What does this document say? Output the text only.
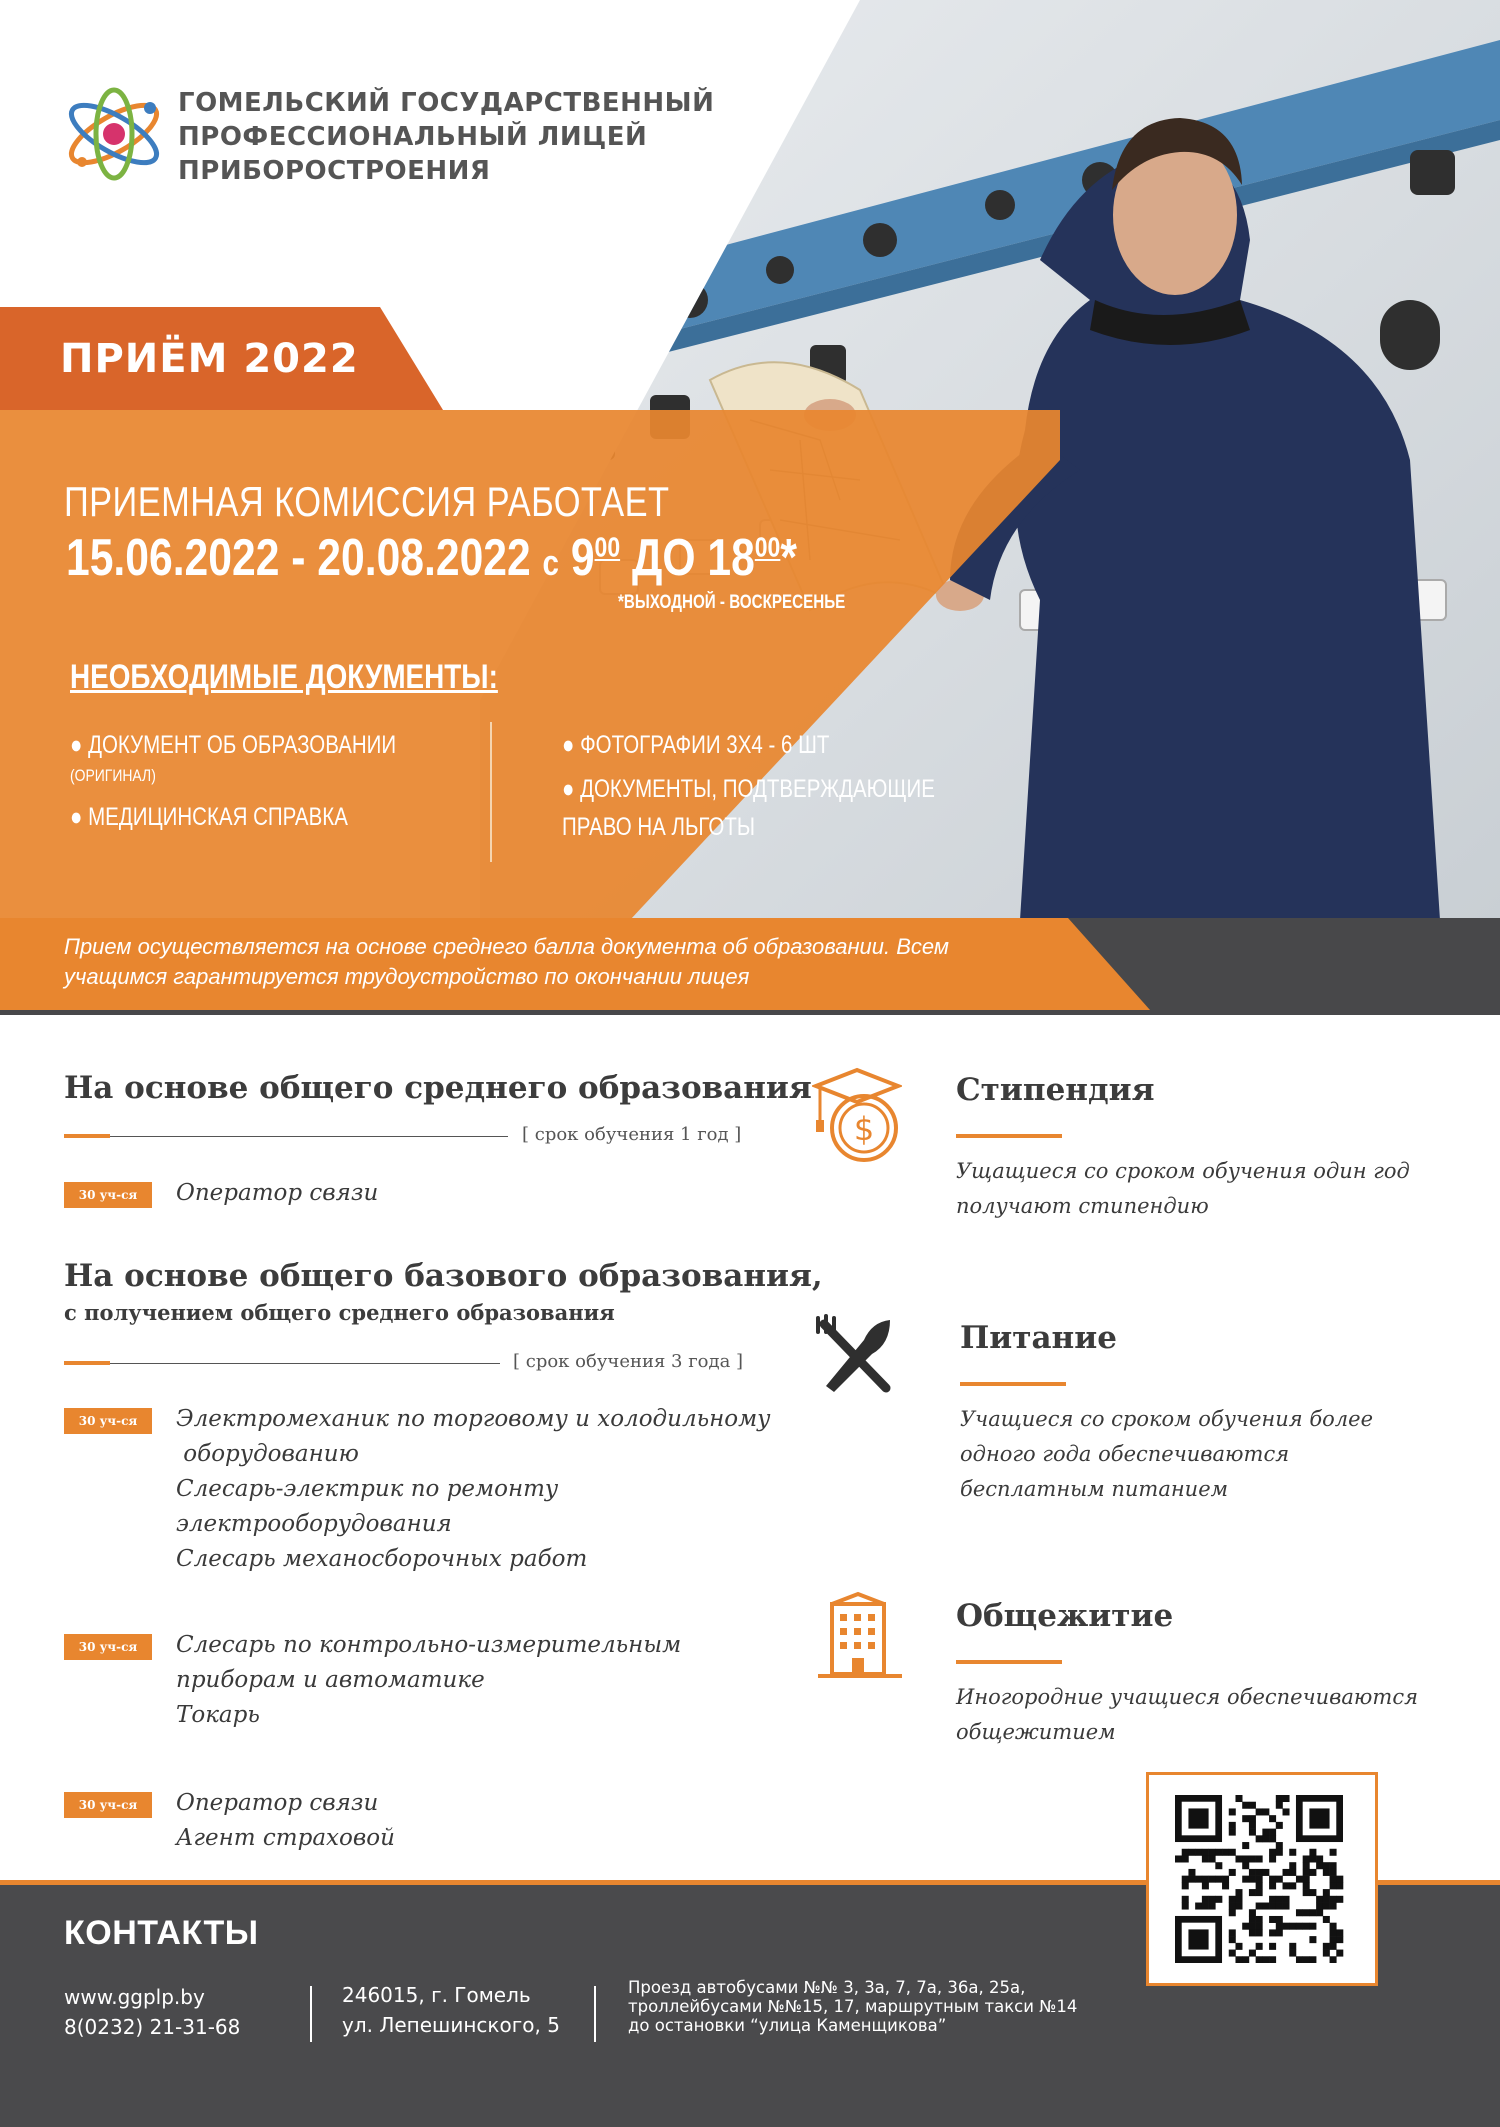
ГОМЕЛЬСКИЙ ГОСУДАРСТВЕННЫЙ
ПРОФЕССИОНАЛЬНЫЙ ЛИЦЕЙ
ПРИБОРОСТРОЕНИЯ
ПРИЁМ 2022
ПРИЕМНАЯ КОМИССИЯ РАБОТАЕТ
15.06.2022 - 20.08.2022 с $9^{00}$ ДО $18^{00}*$
*ВЫХОДНОЙ - ВОСКРЕСЕНЬЕ
НЕОБХОДИМЫЕ ДОКУМЕНТЫ:
● ДОКУМЕНТ ОБ ОБРАЗОВАНИИ
(ОРИГИНАЛ)
● МЕДИЦИНСКАЯ СПРАВКА
● ФОТОГРАФИИ 3Х4 - 6 ШТ
● ДОКУМЕНТЫ, ПОДТВЕРЖДАЮЩИЕ
ПРАВО НА ЛЬГОТЫ
Прием осуществляется на основе среднего балла документа об образовании. Всем
учащимся гарантируется трудоустройство по окончании лицея
На основе общего среднего образования
[ срок обучения 1 год ]
30 уч-ся	Оператор связи
На основе общего базового образования,
с получением общего среднего образования
[ срок обучения 3 года ]
30 уч-ся	Электромеханик по торговому и холодильному
оборудованию
Слесарь-электрик по ремонту
электрооборудования
Слесарь механосборочных работ
30 уч-ся	Слесарь по контрольно-измерительным
приборам и автоматике
Токарь
30 уч-ся	Оператор связи
Агент страховой
$
Стипендия
Ущащиеся со сроком обучения один год
получают стипендию
Питание
Учащиеся со сроком обучения более
одного года обеспечиваются
бесплатным питанием
Общежитие
Иногородние учащиеся обеспечиваются
общежитием
КОНТАКТЫ
www.ggplp.by
8(0232) 21-31-68
246015, г. Гомель
ул. Лепешинского, 5
Проезд автобусами №№ 3, 3а, 7, 7а, 36а, 25а,
троллейбусами №№15, 17, маршрутным такси №14
до остановки “улица Каменщикова”
